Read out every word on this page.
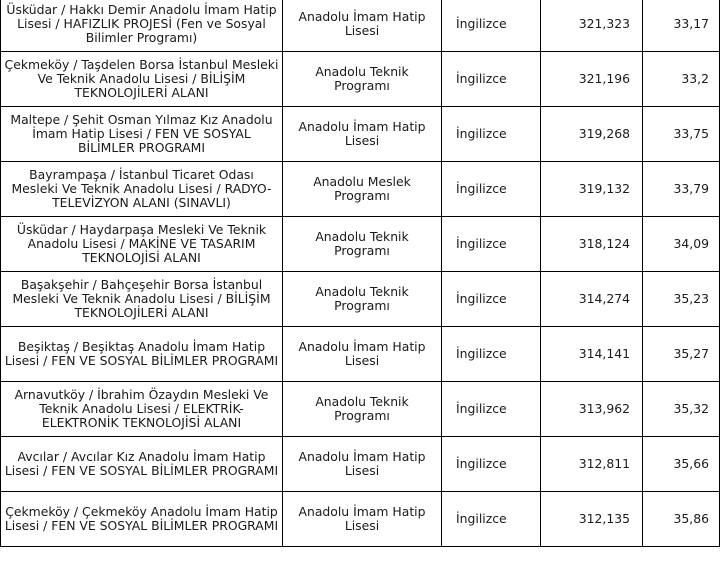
Üsküdar / Hakkı Demir Anadolu İmam Hatip Lisesi / HAFIZLIK PROJESİ (Fen ve Sosyal Bilimler Programı)	Anadolu İmam Hatip Lisesi	İngilizce	321,323	33,17
Çekmeköy / Taşdelen Borsa İstanbul Mesleki Ve Teknik Anadolu Lisesi / BİLİŞİM TEKNOLOJİLERİ ALANI	Anadolu Teknik Programı	İngilizce	321,196	33,2
Maltepe / Şehit Osman Yılmaz Kız Anadolu İmam Hatip Lisesi / FEN VE SOSYAL BİLİMLER PROGRAMI	Anadolu İmam Hatip Lisesi	İngilizce	319,268	33,75
Bayrampaşa / İstanbul Ticaret Odası Mesleki Ve Teknik Anadolu Lisesi / RADYO-TELEVİZYON ALANI (SINAVLI)	Anadolu Meslek Programı	İngilizce	319,132	33,79
Üsküdar / Haydarpaşa Mesleki Ve Teknik Anadolu Lisesi / MAKİNE VE TASARIM TEKNOLOJİSİ ALANI	Anadolu Teknik Programı	İngilizce	318,124	34,09
Başakşehir / Bahçeşehir Borsa İstanbul Mesleki Ve Teknik Anadolu Lisesi / BİLİŞİM TEKNOLOJİLERİ ALANI	Anadolu Teknik Programı	İngilizce	314,274	35,23
Beşiktaş / Beşiktaş Anadolu İmam Hatip Lisesi / FEN VE SOSYAL BİLİMLER PROGRAMI	Anadolu İmam Hatip Lisesi	İngilizce	314,141	35,27
Arnavutköy / İbrahim Özaydın Mesleki Ve Teknik Anadolu Lisesi / ELEKTRİK-ELEKTRONİK TEKNOLOJİSİ ALANI	Anadolu Teknik Programı	İngilizce	313,962	35,32
Avcılar / Avcılar Kız Anadolu İmam Hatip Lisesi / FEN VE SOSYAL BİLİMLER PROGRAMI	Anadolu İmam Hatip Lisesi	İngilizce	312,811	35,66
Çekmeköy / Çekmeköy Anadolu İmam Hatip Lisesi / FEN VE SOSYAL BİLİMLER PROGRAMI	Anadolu İmam Hatip Lisesi	İngilizce	312,135	35,86
